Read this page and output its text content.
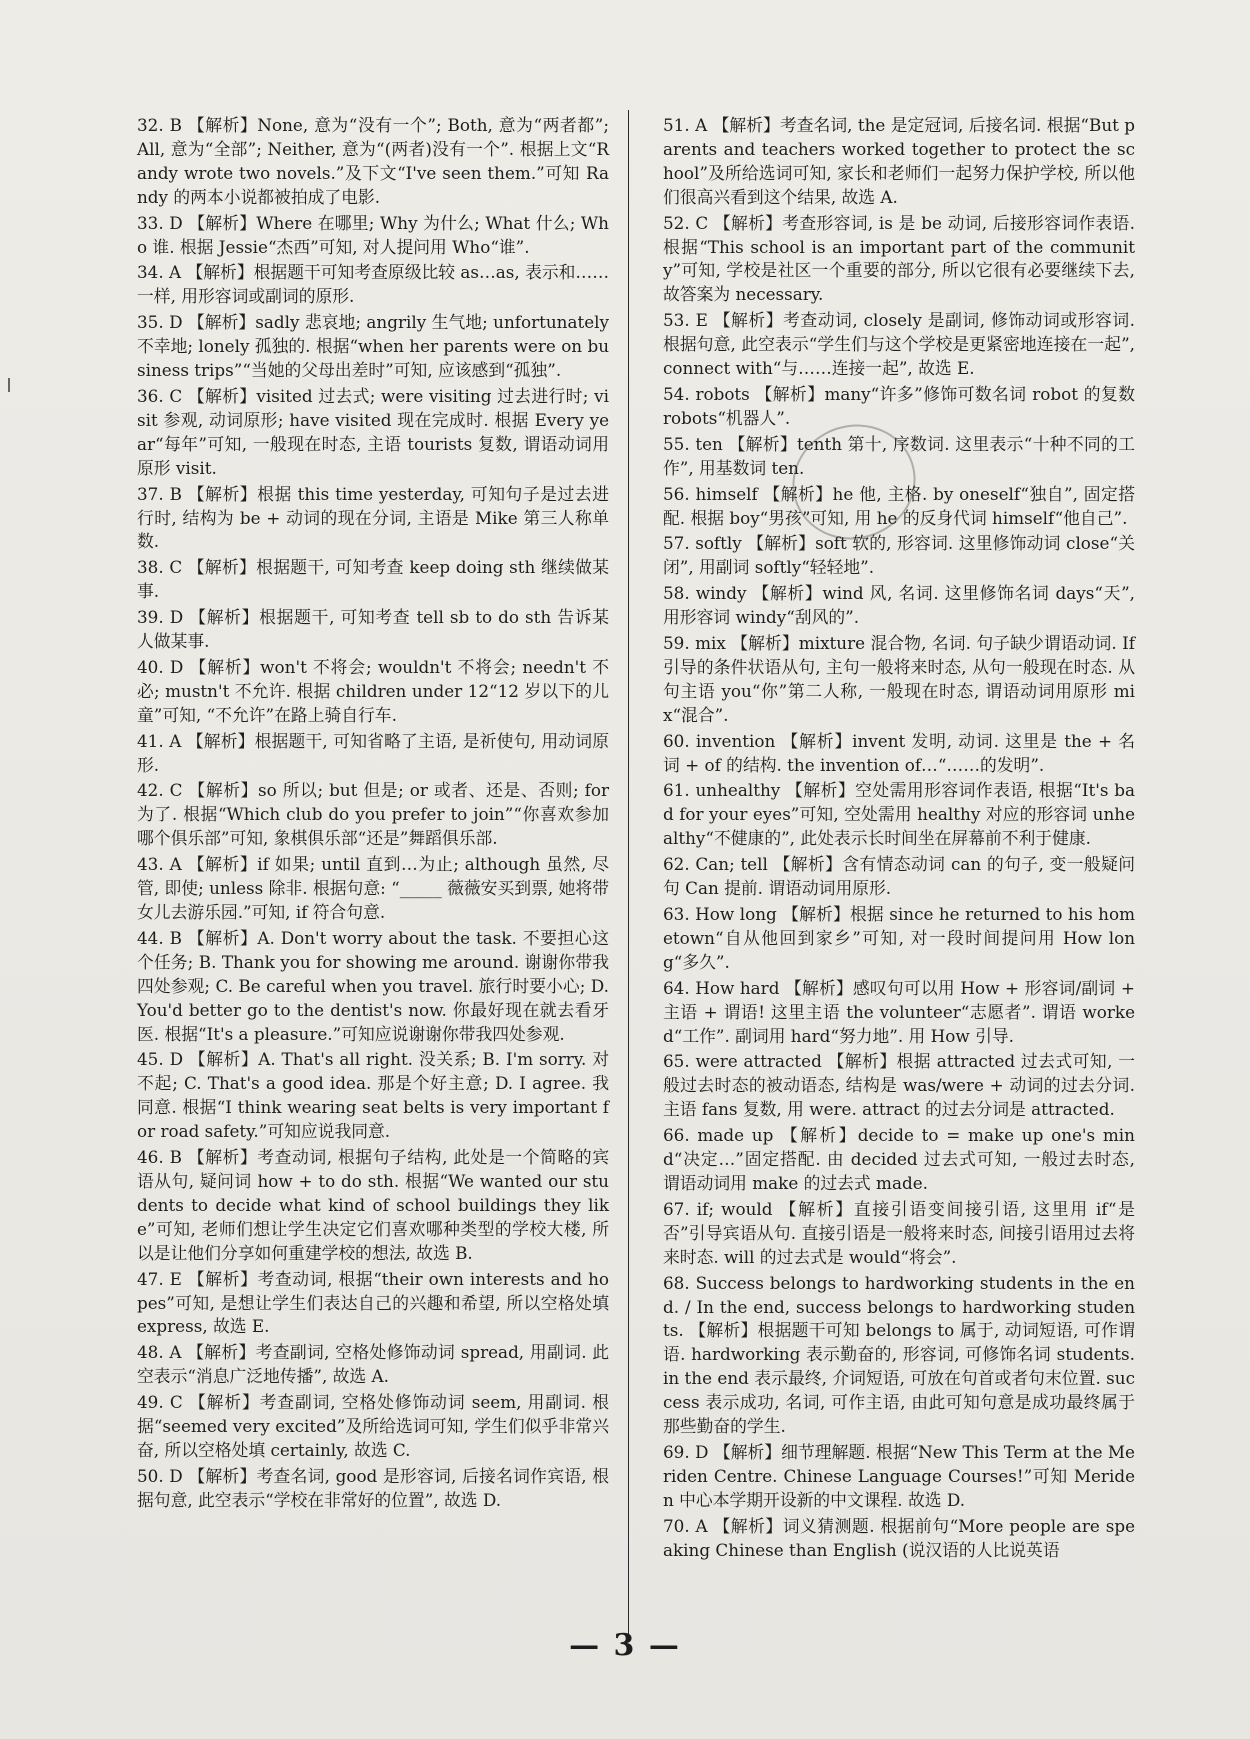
32. B 【解析】None, 意为“没有一个”; Both, 意为“两者都”; All, 意为“全部”; Neither, 意为“(两者)没有一个”. 根据上文“Randy wrote two novels.”及下文“I've seen them.”可知 Randy 的两本小说都被拍成了电影.

33. D 【解析】Where 在哪里; Why 为什么; What 什么; Who 谁. 根据 Jessie“杰西”可知, 对人提问用 Who“谁”.

34. A 【解析】根据题干可知考查原级比较 as…as, 表示和……一样, 用形容词或副词的原形.

35. D 【解析】sadly 悲哀地; angrily 生气地; unfortunately 不幸地; lonely 孤独的. 根据“when her parents were on business trips”“当她的父母出差时”可知, 应该感到“孤独”.

36. C 【解析】visited 过去式; were visiting 过去进行时; visit 参观, 动词原形; have visited 现在完成时. 根据 Every year“每年”可知, 一般现在时态, 主语 tourists 复数, 谓语动词用原形 visit.

37. B 【解析】根据 this time yesterday, 可知句子是过去进行时, 结构为 be + 动词的现在分词, 主语是 Mike 第三人称单数.

38. C 【解析】根据题干, 可知考查 keep doing sth 继续做某事.

39. D 【解析】根据题干, 可知考查 tell sb to do sth 告诉某人做某事.

40. D 【解析】won't 不将会; wouldn't 不将会; needn't 不必; mustn't 不允许. 根据 children under 12“12 岁以下的儿童”可知, “不允许”在路上骑自行车.

41. A 【解析】根据题干, 可知省略了主语, 是祈使句, 用动词原形.

42. C 【解析】so 所以; but 但是; or 或者、还是、否则; for 为了. 根据“Which club do you prefer to join”“你喜欢参加哪个俱乐部”可知, 象棋俱乐部“还是”舞蹈俱乐部.

43. A 【解析】if 如果; until 直到…为止; although 虽然, 尽管, 即使; unless 除非. 根据句意: “_____ 薇薇安买到票, 她将带女儿去游乐园.”可知, if 符合句意.

44. B 【解析】A. Don't worry about the task. 不要担心这个任务; B. Thank you for showing me around. 谢谢你带我四处参观; C. Be careful when you travel. 旅行时要小心; D. You'd better go to the dentist's now. 你最好现在就去看牙医. 根据“It's a pleasure.”可知应说谢谢你带我四处参观.

45. D 【解析】A. That's all right. 没关系; B. I'm sorry. 对不起; C. That's a good idea. 那是个好主意; D. I agree. 我同意. 根据“I think wearing seat belts is very important for road safety.”可知应说我同意.

46. B 【解析】考查动词, 根据句子结构, 此处是一个简略的宾语从句, 疑问词 how + to do sth. 根据“We wanted our students to decide what kind of school buildings they like”可知, 老师们想让学生决定它们喜欢哪种类型的学校大楼, 所以是让他们分享如何重建学校的想法, 故选 B.

47. E 【解析】考查动词, 根据“their own interests and hopes”可知, 是想让学生们表达自己的兴趣和希望, 所以空格处填 express, 故选 E.

48. A 【解析】考查副词, 空格处修饰动词 spread, 用副词. 此空表示“消息广泛地传播”, 故选 A.

49. C 【解析】考查副词, 空格处修饰动词 seem, 用副词. 根据“seemed very excited”及所给选词可知, 学生们似乎非常兴奋, 所以空格处填 certainly, 故选 C.

50. D 【解析】考查名词, good 是形容词, 后接名词作宾语, 根据句意, 此空表示“学校在非常好的位置”, 故选 D.

51. A 【解析】考查名词, the 是定冠词, 后接名词. 根据“But parents and teachers worked together to protect the school”及所给选词可知, 家长和老师们一起努力保护学校, 所以他们很高兴看到这个结果, 故选 A.

52. C 【解析】考查形容词, is 是 be 动词, 后接形容词作表语. 根据“This school is an important part of the community”可知, 学校是社区一个重要的部分, 所以它很有必要继续下去, 故答案为 necessary.

53. E 【解析】考查动词, closely 是副词, 修饰动词或形容词. 根据句意, 此空表示“学生们与这个学校是更紧密地连接在一起”, connect with“与……连接一起”, 故选 E.

54. robots 【解析】many“许多”修饰可数名词 robot 的复数 robots“机器人”.

55. ten 【解析】tenth 第十, 序数词. 这里表示“十种不同的工作”, 用基数词 ten.

56. himself 【解析】he 他, 主格. by oneself“独自”, 固定搭配. 根据 boy“男孩”可知, 用 he 的反身代词 himself“他自己”.

57. softly 【解析】soft 软的, 形容词. 这里修饰动词 close“关闭”, 用副词 softly“轻轻地”.

58. windy 【解析】wind 风, 名词. 这里修饰名词 days“天”, 用形容词 windy“刮风的”.

59. mix 【解析】mixture 混合物, 名词. 句子缺少谓语动词. If 引导的条件状语从句, 主句一般将来时态, 从句一般现在时态. 从句主语 you“你”第二人称, 一般现在时态, 谓语动词用原形 mix“混合”.

60. invention 【解析】invent 发明, 动词. 这里是 the + 名词 + of 的结构. the invention of…“……的发明”.

61. unhealthy 【解析】空处需用形容词作表语, 根据“It's bad for your eyes”可知, 空处需用 healthy 对应的形容词 unhealthy“不健康的”, 此处表示长时间坐在屏幕前不利于健康.

62. Can; tell 【解析】含有情态动词 can 的句子, 变一般疑问句 Can 提前. 谓语动词用原形.

63. How long 【解析】根据 since he returned to his hometown“自从他回到家乡”可知, 对一段时间提问用 How long“多久”.

64. How hard 【解析】感叹句可以用 How + 形容词/副词 + 主语 + 谓语! 这里主语 the volunteer“志愿者”. 谓语 worked“工作”. 副词用 hard“努力地”. 用 How 引导.

65. were attracted 【解析】根据 attracted 过去式可知, 一般过去时态的被动语态, 结构是 was/were + 动词的过去分词. 主语 fans 复数, 用 were. attract 的过去分词是 attracted.

66. made up 【解析】decide to = make up one's mind“决定…”固定搭配. 由 decided 过去式可知, 一般过去时态, 谓语动词用 make 的过去式 made.

67. if; would 【解析】直接引语变间接引语, 这里用 if“是否”引导宾语从句. 直接引语是一般将来时态, 间接引语用过去将来时态. will 的过去式是 would“将会”.

68. Success belongs to hardworking students in the end. / In the end, success belongs to hardworking students. 【解析】根据题干可知 belongs to 属于, 动词短语, 可作谓语. hardworking 表示勤奋的, 形容词, 可修饰名词 students. in the end 表示最终, 介词短语, 可放在句首或者句末位置. success 表示成功, 名词, 可作主语, 由此可知句意是成功最终属于那些勤奋的学生.

69. D 【解析】细节理解题. 根据“New This Term at the Meriden Centre. Chinese Language Courses!”可知 Meriden 中心本学期开设新的中文课程. 故选 D.

70. A 【解析】词义猜测题. 根据前句“More people are speaking Chinese than English (说汉语的人比说英语

— 3 —
